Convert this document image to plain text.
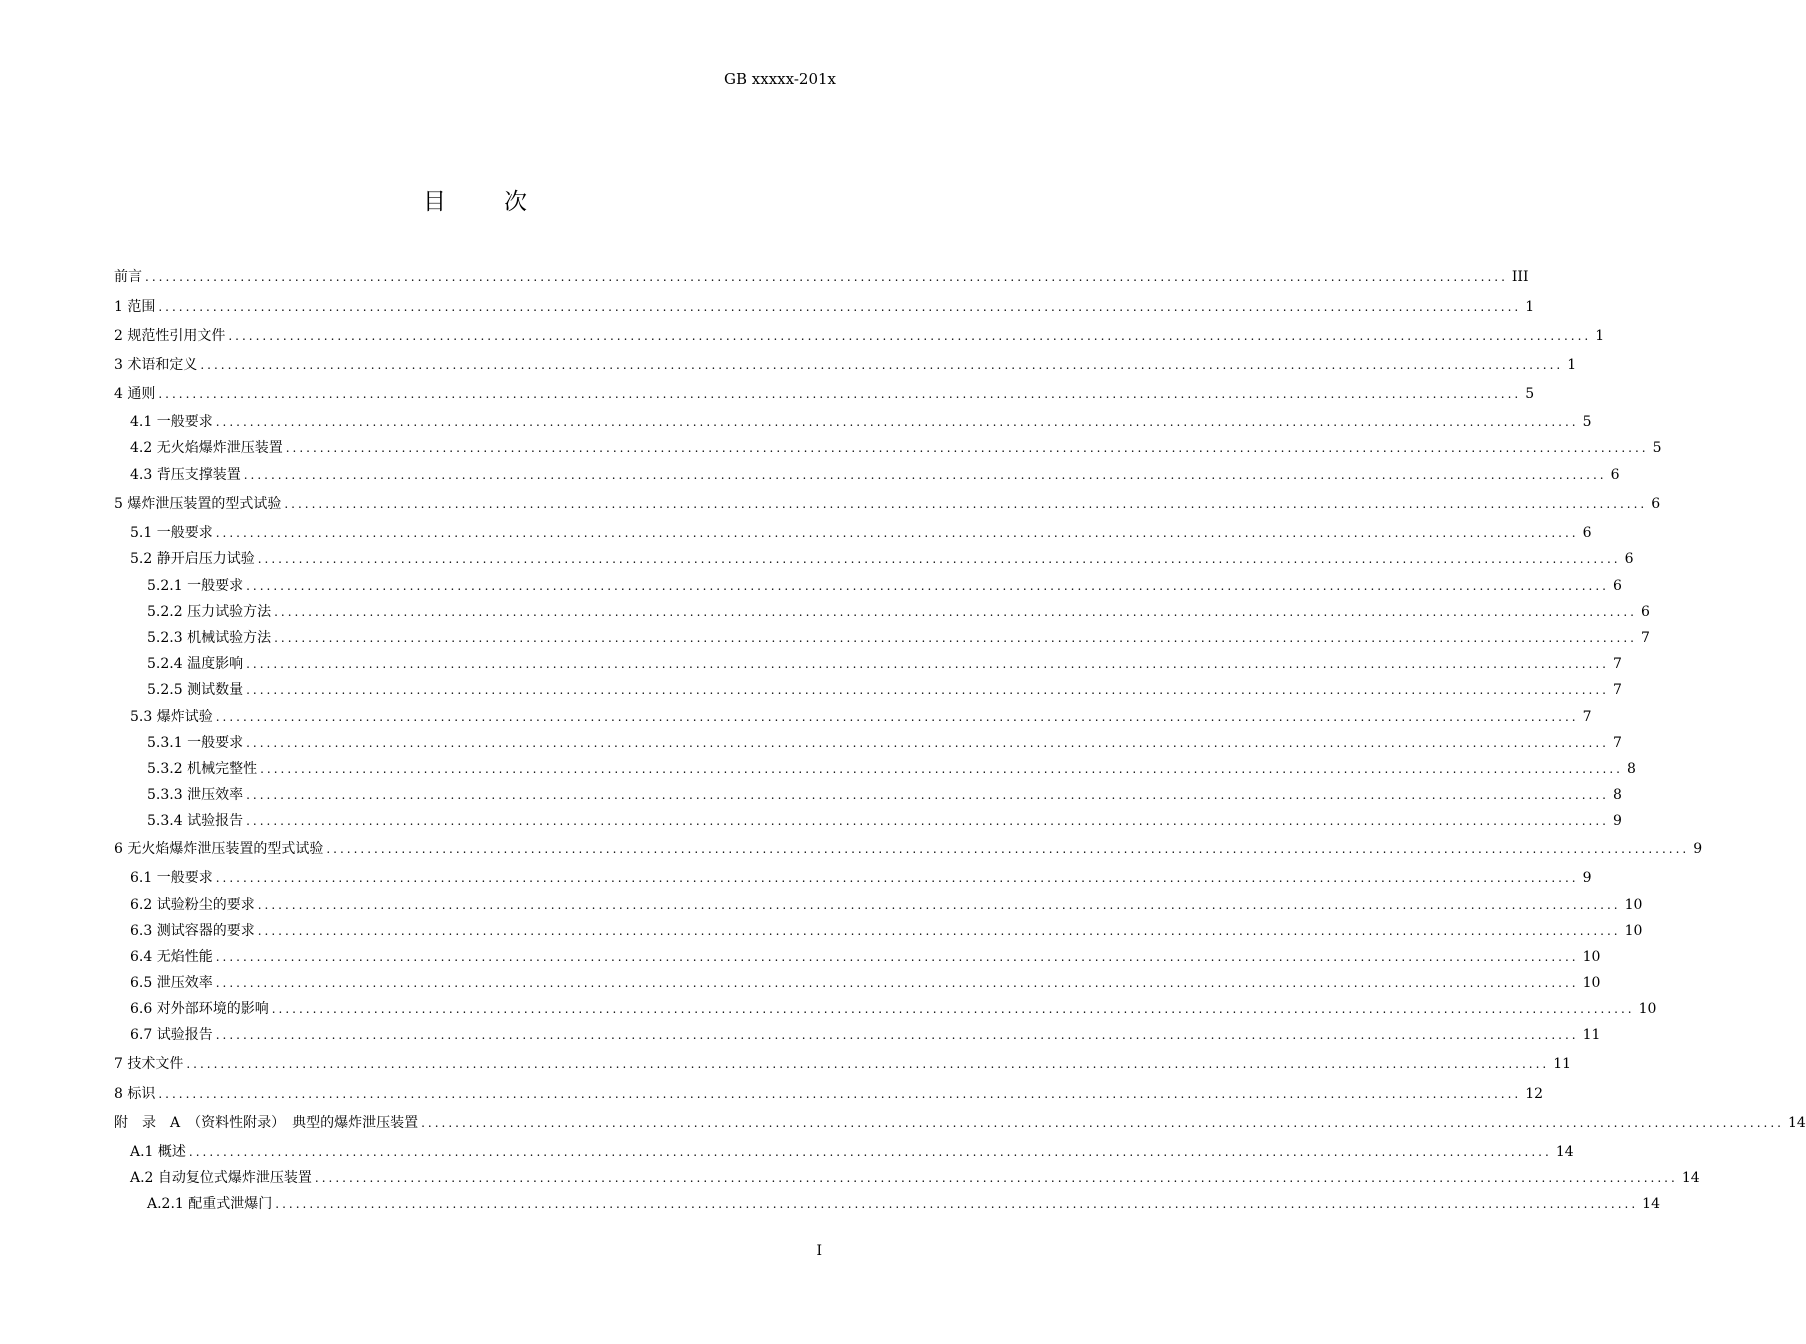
GB xxxxx-201x
目	次
前言 ........................................................................................................................................................................................................ III
1 范围 ........................................................................................................................................................................................................ 1
2 规范性引用文件 ........................................................................................................................................................................................................ 1
3 术语和定义 ........................................................................................................................................................................................................ 1
4 通则 ........................................................................................................................................................................................................ 5
4.1 一般要求 ........................................................................................................................................................................................................ 5
4.2 无火焰爆炸泄压装置 ........................................................................................................................................................................................................ 5
4.3 背压支撑装置 ........................................................................................................................................................................................................ 6
5 爆炸泄压装置的型式试验 ........................................................................................................................................................................................................ 6
5.1 一般要求 ........................................................................................................................................................................................................ 6
5.2 静开启压力试验 ........................................................................................................................................................................................................ 6
5.2.1 一般要求 ........................................................................................................................................................................................................ 6
5.2.2 压力试验方法 ........................................................................................................................................................................................................ 6
5.2.3 机械试验方法 ........................................................................................................................................................................................................ 7
5.2.4 温度影响 ........................................................................................................................................................................................................ 7
5.2.5 测试数量 ........................................................................................................................................................................................................ 7
5.3 爆炸试验 ........................................................................................................................................................................................................ 7
5.3.1 一般要求 ........................................................................................................................................................................................................ 7
5.3.2 机械完整性 ........................................................................................................................................................................................................ 8
5.3.3 泄压效率 ........................................................................................................................................................................................................ 8
5.3.4 试验报告 ........................................................................................................................................................................................................ 9
6 无火焰爆炸泄压装置的型式试验 ........................................................................................................................................................................................................ 9
6.1 一般要求 ........................................................................................................................................................................................................ 9
6.2 试验粉尘的要求 ........................................................................................................................................................................................................ 10
6.3 测试容器的要求 ........................................................................................................................................................................................................ 10
6.4 无焰性能 ........................................................................................................................................................................................................ 10
6.5 泄压效率 ........................................................................................................................................................................................................ 10
6.6 对外部环境的影响 ........................................................................................................................................................................................................ 10
6.7 试验报告 ........................................................................................................................................................................................................ 11
7 技术文件 ........................................................................................................................................................................................................ 11
8 标识 ........................................................................................................................................................................................................ 12
附　录　A　（资料性附录）　典型的爆炸泄压装置 ........................................................................................................................................................................................................ 14
A.1 概述 ........................................................................................................................................................................................................ 14
A.2 自动复位式爆炸泄压装置 ........................................................................................................................................................................................................ 14
A.2.1 配重式泄爆门 ........................................................................................................................................................................................................ 14
I
